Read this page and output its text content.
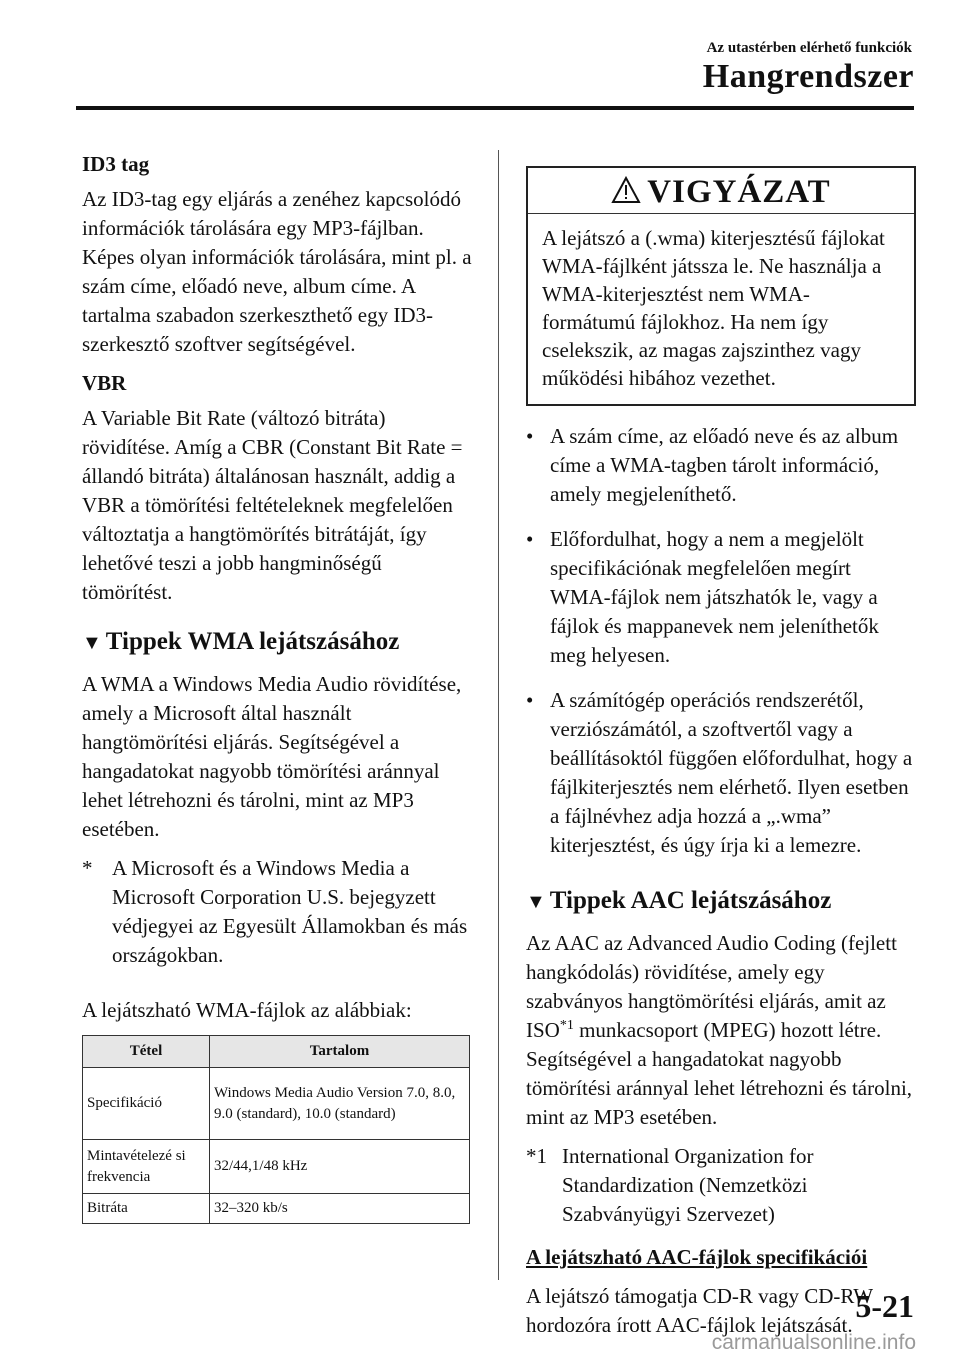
Az utastérben elérhető funkciók
Hangrendszer
ID3 tag

Az ID3-tag egy eljárás a zenéhez kapcsolódó információk tárolására egy MP3-fájlban. Képes olyan információk tárolására, mint pl. a szám címe, előadó neve, album címe. A tartalma szabadon szerkeszthető egy ID3-szerkesztő szoftver segítségével.

VBR

A Variable Bit Rate (változó bitráta) rövidítése. Amíg a CBR (Constant Bit Rate = állandó bitráta) általánosan használt, addig a VBR a tömörítési feltételeknek megfelelően változtatja a hangtömörítés bitrátáját, így lehetővé teszi a jobb hangminőségű tömörítést.

▼ Tippek WMA lejátszásához

A WMA a Windows Media Audio rövidítése, amely a Microsoft által használt hangtömörítési eljárás. Segítségével a hangadatokat nagyobb tömörítési aránnyal lehet létrehozni és tárolni, mint az MP3 esetében.

* A Microsoft és a Windows Media a Microsoft Corporation U.S. bejegyzett védjegyei az Egyesült Államokban és más országokban.
A lejátszható WMA-fájlok az alábbiak:
Tétel	Tartalom
Specifikáció	Windows Media Audio Version 7.0, 8.0, 9.0 (standard), 10.0 (standard)
Mintavételezé si frekvencia	32/44,1/48 kHz
Bitráta	32–320 kb/s
VIGYÁZAT
A lejátszó a (.wma) kiterjesztésű fájlokat WMA-fájlként játssza le. Ne használja a WMA-kiterjesztést nem WMA-formátumú fájlokhoz. Ha nem így cselekszik, az magas zajszinthez vagy működési hibához vezethet.
• A szám címe, az előadó neve és az album címe a WMA-tagben tárolt információ, amely megjeleníthető.
• Előfordulhat, hogy a nem a megjelölt specifikációnak megfelelően megírt WMA-fájlok nem játszhatók le, vagy a fájlok és mappanevek nem jeleníthetők meg helyesen.
• A számítógép operációs rendszerétől, verziószámától, a szoftvertől vagy a beállításoktól függően előfordulhat, hogy a fájlkiterjesztés nem elérhető. Ilyen esetben a fájlnévhez adja hozzá a „.wma” kiterjesztést, és úgy írja ki a lemezre.
▼ Tippek AAC lejátszásához

Az AAC az Advanced Audio Coding (fejlett hangkódolás) rövidítése, amely egy szabványos hangtömörítési eljárás, amit az ISO$^{*1}$ munkacsoport (MPEG) hozott létre. Segítségével a hangadatokat nagyobb tömörítési aránnyal lehet létrehozni és tárolni, mint az MP3 esetében.

*1 International Organization for Standardization (Nemzetközi Szabványügyi Szervezet)
A lejátszható AAC-fájlok specifikációi

A lejátszó támogatja CD-R vagy CD-RW hordozóra írott AAC-fájlok lejátszását.

5-21
carmanualsonline.info
